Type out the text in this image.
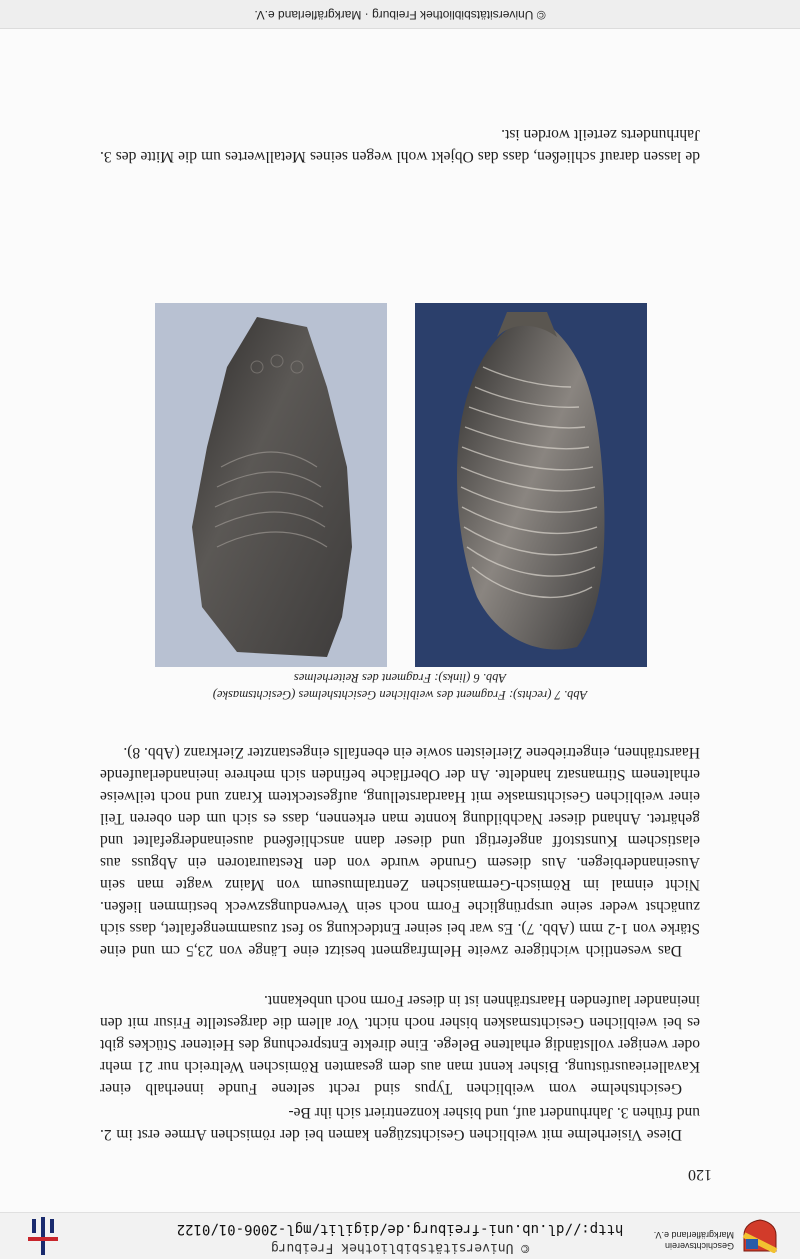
Geschichtsverein
Markgräflerland e.V.
© Universitätsbibliothek Freiburg
http://dl.ub.uni-freiburg.de/digilit/mgl-2006-01/0122
120

Diese Visierhelme mit weiblichen Gesichtszügen kamen bei der römischen Armee erst im 2. und frühen 3. Jahrhundert auf, und bisher konzentriert sich ihr Be-

Gesichtshelme vom weiblichen Typus sind recht seltene Funde innerhalb einer Kavallerieausrüstung. Bisher kennt man aus dem gesamten Römischen Weltreich nur 21 mehr oder weniger vollständig erhaltene Belege. Eine direkte Entsprechung des Heitener Stückes gibt es bei weiblichen Gesichtsmasken bisher noch nicht. Vor allem die dargestellte Frisur mit den ineinander laufenden Haarsträhnen ist in dieser Form noch unbekannt.

Das wesentlich wichtigere zweite Helmfragment besitzt eine Länge von 23,5 cm und eine Stärke von 1-2 mm (Abb. 7). Es war bei seiner Entdeckung so fest zusammengefaltet, dass sich zunächst weder seine ursprüngliche Form noch sein Verwendungszweck bestimmen ließen. Nicht einmal im Römisch-Germanischen Zentralmuseum von Mainz wagte man sein Auseinanderbiegen. Aus diesem Grunde wurde von den Restauratoren ein Abguss aus elastischem Kunststoff angefertigt und dieser dann anschließend auseinandergefaltet und gehärtet. Anhand dieser Nachbildung konnte man erkennen, dass es sich um den oberen Teil einer weiblichen Gesichtsmaske mit Haardarstellung, aufgestecktem Kranz und noch teilweise erhaltenem Stirnansatz handelte. An der Oberfläche befinden sich mehrere ineinanderlaufende Haarsträhnen, eingetriebene Zierleisten sowie ein ebenfalls eingestanzter Zierkranz (Abb. 8).

Abb. 7 (rechts): Fragment des weiblichen Gesichtshelmes (Gesichtsmaske)
Abb. 6 (links): Fragment des Reiterhelmes

de lassen darauf schließen, dass das Objekt wohl wegen seines Metallwertes um die Mitte des 3. Jahrhunderts zerteilt worden ist.

© Universitätsbibliothek Freiburg · Markgräflerland e.V.
